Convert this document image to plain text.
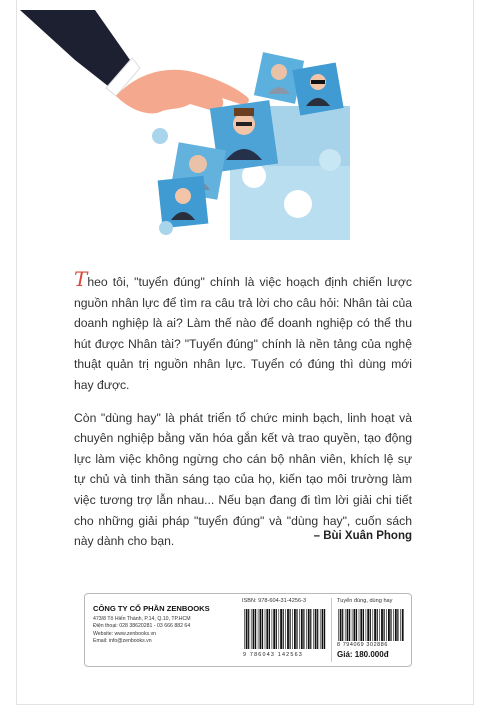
Theo tôi, "tuyển đúng" chính là việc hoạch định chiến lược nguồn nhân lực để tìm ra câu trả lời cho câu hỏi: Nhân tài của doanh nghiệp là ai? Làm thế nào để doanh nghiệp có thể thu hút được Nhân tài? "Tuyển đúng" chính là nền tảng của nghệ thuật quản trị nguồn nhân lực. Tuyển có đúng thì dùng mới hay được.

Còn "dùng hay" là phát triển tổ chức minh bạch, linh hoạt và chuyên nghiệp bằng văn hóa gắn kết và trao quyền, tạo động lực làm việc không ngừng cho cán bộ nhân viên, khích lệ sự tự chủ và tinh thần sáng tạo của họ, kiến tạo môi trường làm việc tương trợ lẫn nhau... Nếu bạn đang đi tìm lời giải chi tiết cho những giải pháp "tuyển đúng" và "dùng hay", cuốn sách này dành cho bạn.	– Bùi Xuân Phong
CÔNG TY CỔ PHẦN ZENBOOKS
473/8 Tô Hiến Thành, P.14, Q.10, TP.HCM
Điện thoại: 028 38620281 - 03 666 882 64
Website: www.zenbooks.vn
Email: info@zenbooks.vn
ISBN: 978-604-31-4256-3
9 786043 142563
Tuyển đúng, dùng hay
8 794069 302886
Giá: 180.000đ
